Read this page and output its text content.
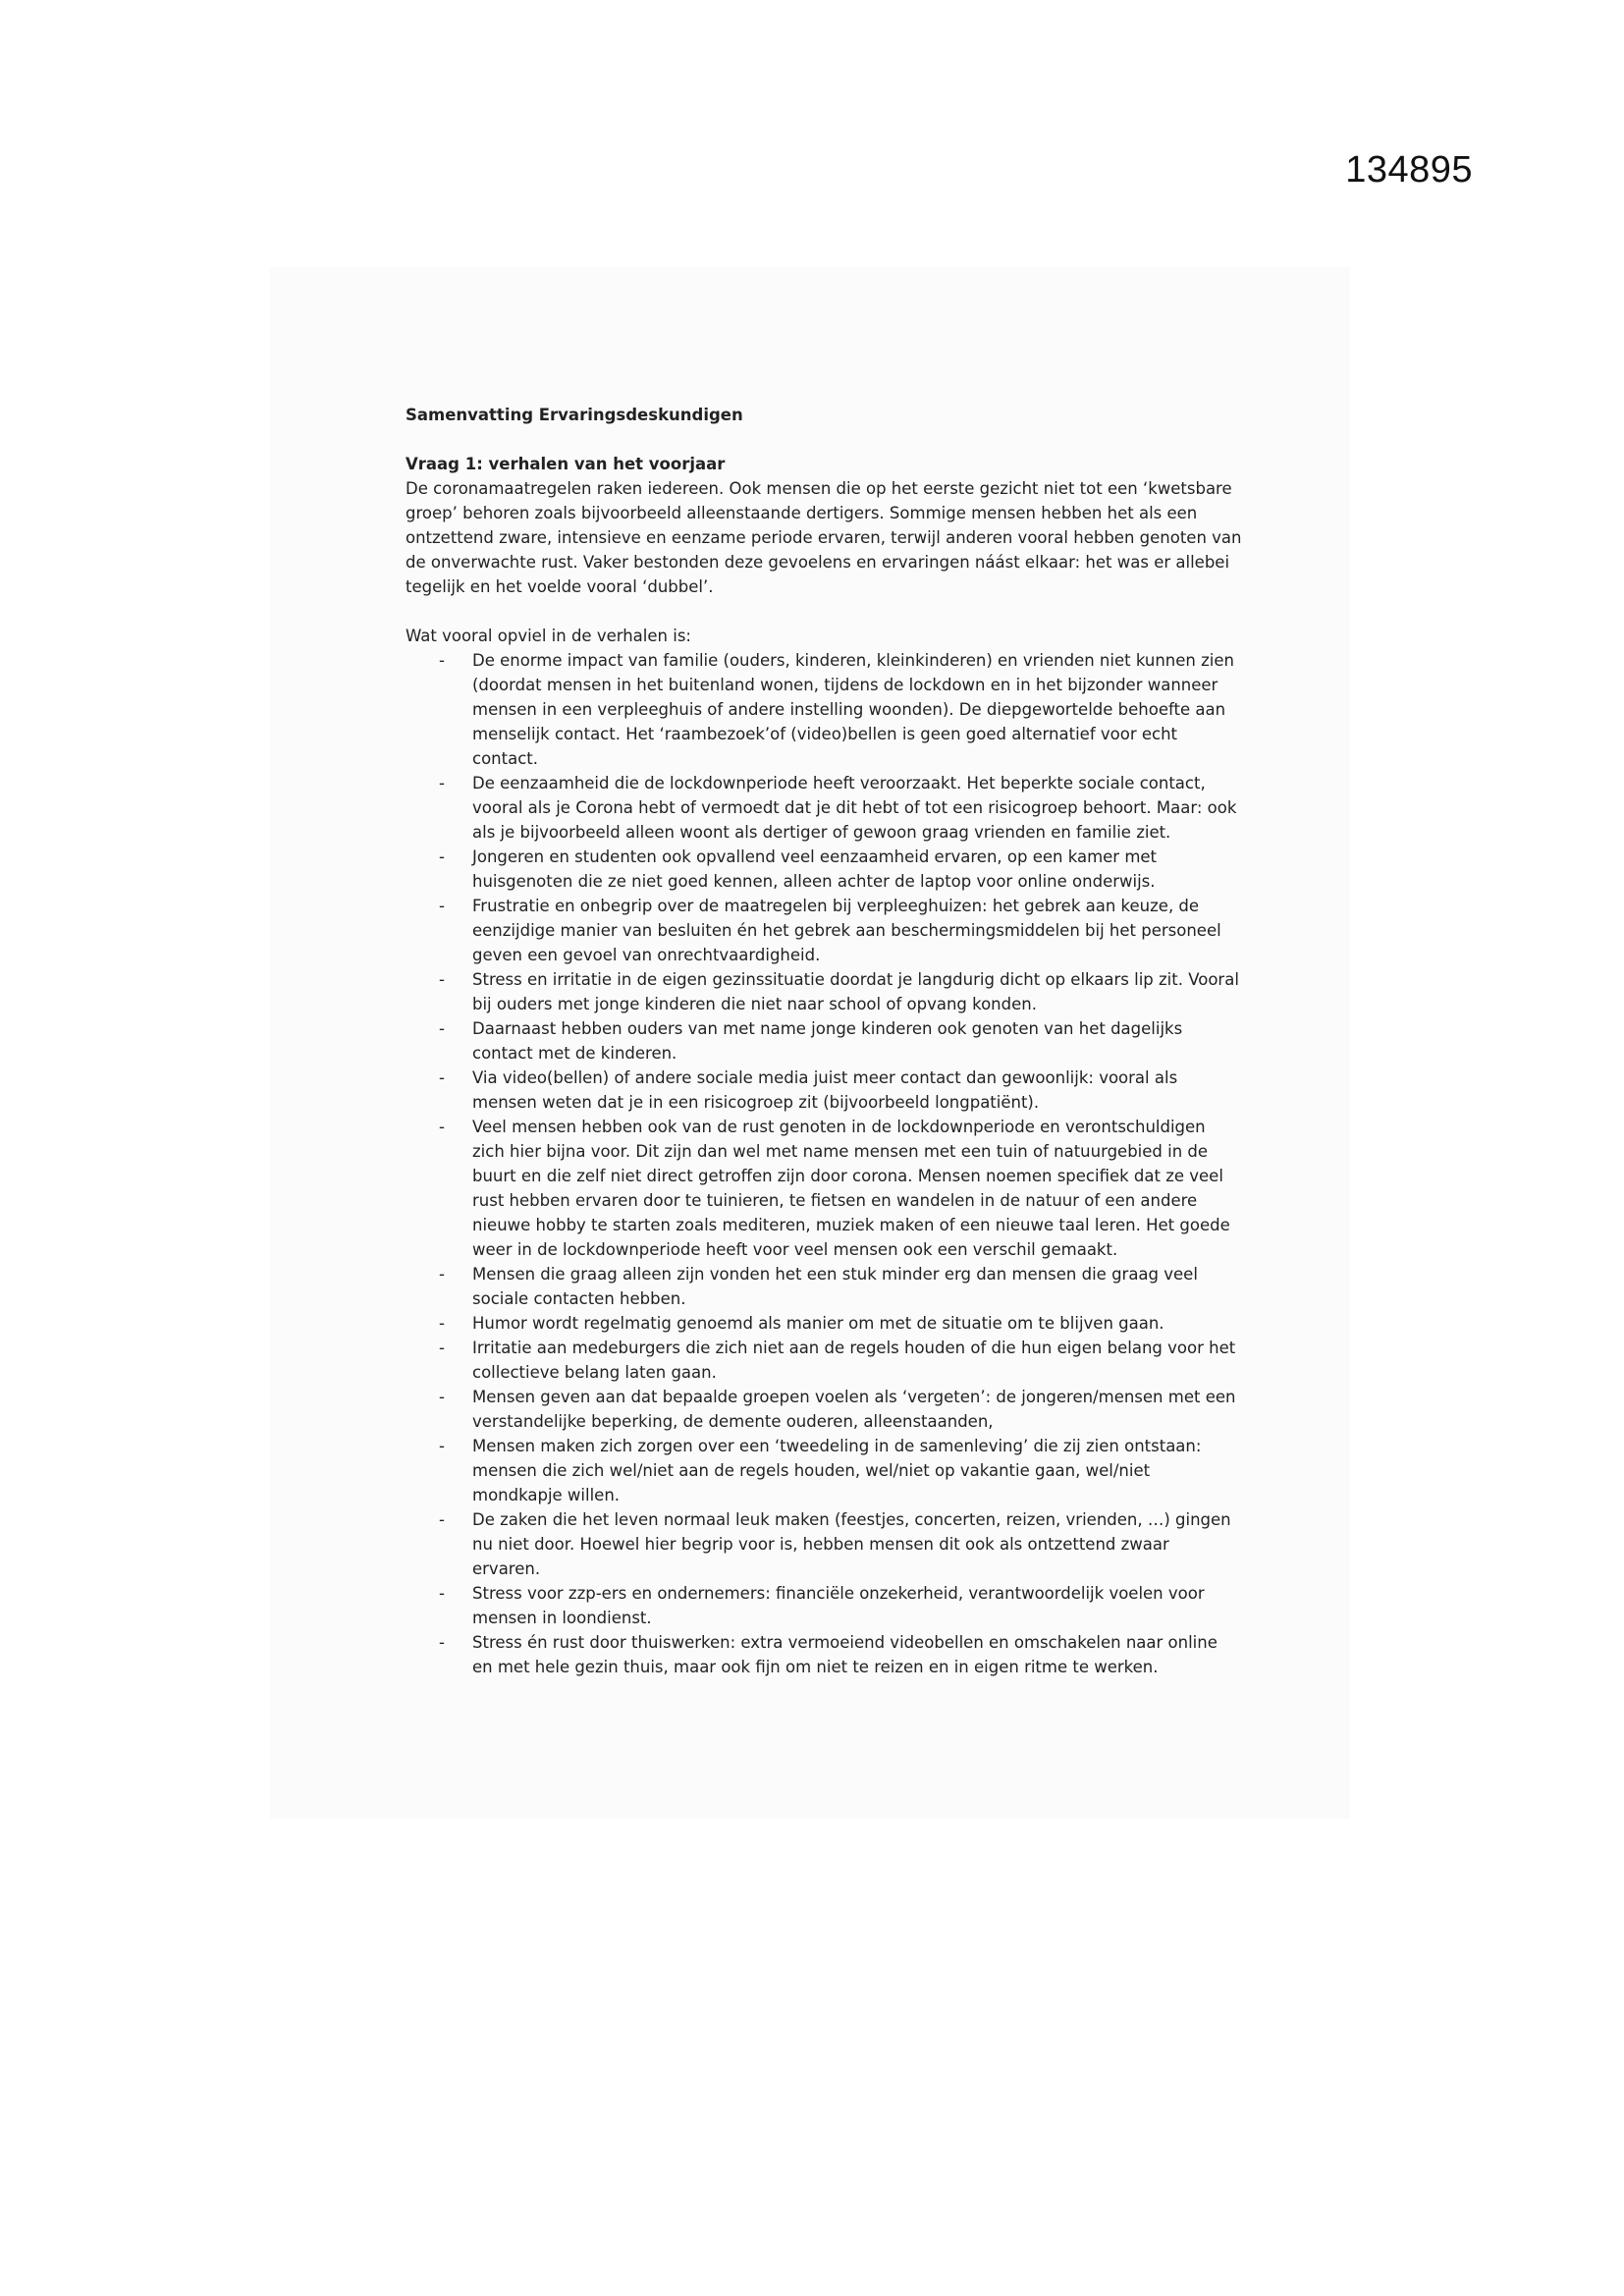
134895

Samenvatting Ervaringsdeskundigen

Vraag 1: verhalen van het voorjaar

De coronamaatregelen raken iedereen. Ook mensen die op het eerste gezicht niet tot een ‘kwetsbare groep’ behoren zoals bijvoorbeeld alleenstaande dertigers. Sommige mensen hebben het als een ontzettend zware, intensieve en eenzame periode ervaren, terwijl anderen vooral hebben genoten van de onverwachte rust. Vaker bestonden deze gevoelens en ervaringen náást elkaar: het was er allebei tegelijk en het voelde vooral ‘dubbel’.

Wat vooral opviel in de verhalen is:

- De enorme impact van familie (ouders, kinderen, kleinkinderen) en vrienden niet kunnen zien (doordat mensen in het buitenland wonen, tijdens de lockdown en in het bijzonder wanneer mensen in een verpleeghuis of andere instelling woonden). De diepgewortelde behoefte aan menselijk contact. Het ‘raambezoek’of (video)bellen is geen goed alternatief voor echt contact.
- De eenzaamheid die de lockdownperiode heeft veroorzaakt. Het beperkte sociale contact, vooral als je Corona hebt of vermoedt dat je dit hebt of tot een risicogroep behoort. Maar: ook als je bijvoorbeeld alleen woont als dertiger of gewoon graag vrienden en familie ziet.
- Jongeren en studenten ook opvallend veel eenzaamheid ervaren, op een kamer met huisgenoten die ze niet goed kennen, alleen achter de laptop voor online onderwijs.
- Frustratie en onbegrip over de maatregelen bij verpleeghuizen: het gebrek aan keuze, de eenzijdige manier van besluiten én het gebrek aan beschermingsmiddelen bij het personeel geven een gevoel van onrechtvaardigheid.
- Stress en irritatie in de eigen gezinssituatie doordat je langdurig dicht op elkaars lip zit. Vooral bij ouders met jonge kinderen die niet naar school of opvang konden.
- Daarnaast hebben ouders van met name jonge kinderen ook genoten van het dagelijks contact met de kinderen.
- Via video(bellen) of andere sociale media juist meer contact dan gewoonlijk: vooral als mensen weten dat je in een risicogroep zit (bijvoorbeeld longpatiënt).
- Veel mensen hebben ook van de rust genoten in de lockdownperiode en verontschuldigen zich hier bijna voor. Dit zijn dan wel met name mensen met een tuin of natuurgebied in de buurt en die zelf niet direct getroffen zijn door corona. Mensen noemen specifiek dat ze veel rust hebben ervaren door te tuinieren, te fietsen en wandelen in de natuur of een andere nieuwe hobby te starten zoals mediteren, muziek maken of een nieuwe taal leren. Het goede weer in de lockdownperiode heeft voor veel mensen ook een verschil gemaakt.
- Mensen die graag alleen zijn vonden het een stuk minder erg dan mensen die graag veel sociale contacten hebben.
- Humor wordt regelmatig genoemd als manier om met de situatie om te blijven gaan.
- Irritatie aan medeburgers die zich niet aan de regels houden of die hun eigen belang voor het collectieve belang laten gaan.
- Mensen geven aan dat bepaalde groepen voelen als ‘vergeten’: de jongeren/mensen met een verstandelijke beperking, de demente ouderen, alleenstaanden,
- Mensen maken zich zorgen over een ‘tweedeling in de samenleving’ die zij zien ontstaan: mensen die zich wel/niet aan de regels houden, wel/niet op vakantie gaan, wel/niet mondkapje willen.
- De zaken die het leven normaal leuk maken (feestjes, concerten, reizen, vrienden, …) gingen nu niet door. Hoewel hier begrip voor is, hebben mensen dit ook als ontzettend zwaar ervaren.
- Stress voor zzp-ers en ondernemers: financiële onzekerheid, verantwoordelijk voelen voor mensen in loondienst.
- Stress én rust door thuiswerken: extra vermoeiend videobellen en omschakelen naar online en met hele gezin thuis, maar ook fijn om niet te reizen en in eigen ritme te werken.
